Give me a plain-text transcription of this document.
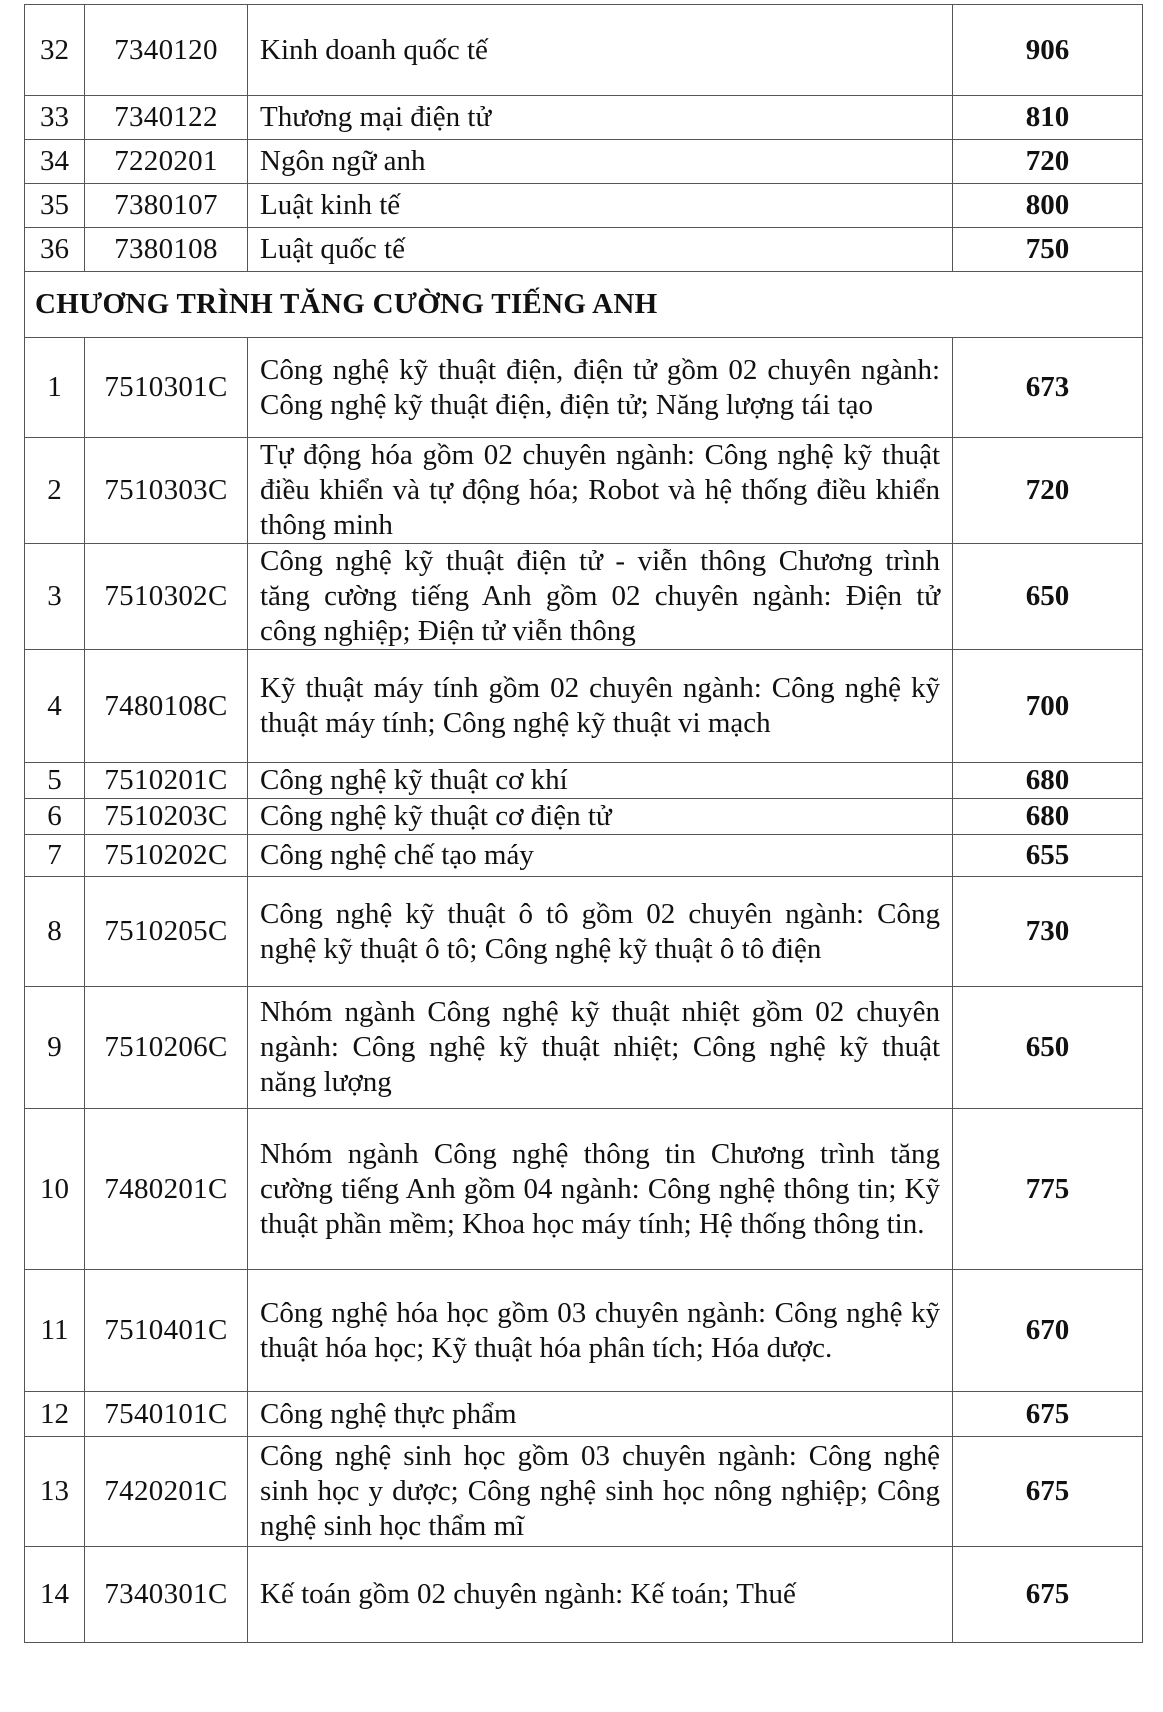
32	7340120	Kinh doanh quốc tế	906
33	7340122	Thương mại điện tử	810
34	7220201	Ngôn ngữ anh	720
35	7380107	Luật kinh tế	800
36	7380108	Luật quốc tế	750
CHƯƠNG TRÌNH TĂNG CƯỜNG TIẾNG ANH			
1	7510301C	Công nghệ kỹ thuật điện, điện tử gồm 02 chuyên ngành: Công nghệ kỹ thuật điện, điện tử; Năng lượng tái tạo	673
2	7510303C	Tự động hóa gồm 02 chuyên ngành: Công nghệ kỹ thuật điều khiển và tự động hóa; Robot và hệ thống điều khiển thông minh	720
3	7510302C	Công nghệ kỹ thuật điện tử - viễn thông Chương trình tăng cường tiếng Anh gồm 02 chuyên ngành: Điện tử công nghiệp; Điện tử viễn thông	650
4	7480108C	Kỹ thuật máy tính gồm 02 chuyên ngành: Công nghệ kỹ thuật máy tính; Công nghệ kỹ thuật vi mạch	700
5	7510201C	Công nghệ kỹ thuật cơ khí	680
6	7510203C	Công nghệ kỹ thuật cơ điện tử	680
7	7510202C	Công nghệ chế tạo máy	655
8	7510205C	Công nghệ kỹ thuật ô tô gồm 02 chuyên ngành: Công nghệ kỹ thuật ô tô; Công nghệ kỹ thuật ô tô điện	730
9	7510206C	Nhóm ngành Công nghệ kỹ thuật nhiệt gồm 02 chuyên ngành: Công nghệ kỹ thuật nhiệt; Công nghệ kỹ thuật năng lượng	650
10	7480201C	Nhóm ngành Công nghệ thông tin Chương trình tăng cường tiếng Anh gồm 04 ngành: Công nghệ thông tin; Kỹ thuật phần mềm; Khoa học máy tính; Hệ thống thông tin.	775
11	7510401C	Công nghệ hóa học gồm 03 chuyên ngành: Công nghệ kỹ thuật hóa học; Kỹ thuật hóa phân tích; Hóa dược.	670
12	7540101C	Công nghệ thực phẩm	675
13	7420201C	Công nghệ sinh học gồm 03 chuyên ngành: Công nghệ sinh học y dược; Công nghệ sinh học nông nghiệp; Công nghệ sinh học thẩm mĩ	675
14	7340301C	Kế toán gồm 02 chuyên ngành: Kế toán; Thuế	675
